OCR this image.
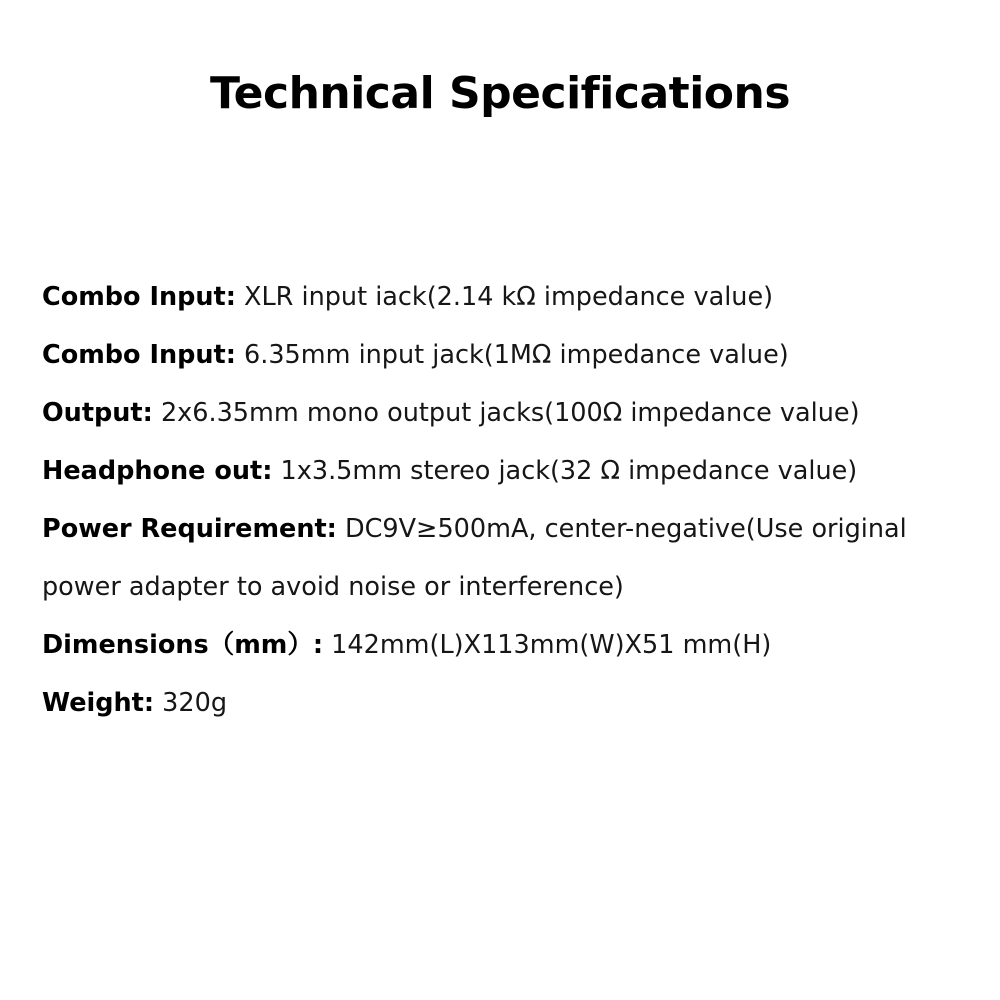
Technical Specifications
Combo Input: XLR input iack(2.14 kΩ impedance value)
Combo Input: 6.35mm input jack(1MΩ impedance value)
Output: 2x6.35mm mono output jacks(100Ω impedance value)
Headphone out: 1x3.5mm stereo jack(32 Ω impedance value)
Power Requirement: DC9V≥500mA, center-negative(Use original power adapter to avoid noise or interference)
Dimensions（mm）: 142mm(L)X113mm(W)X51 mm(H)
Weight: 320g
